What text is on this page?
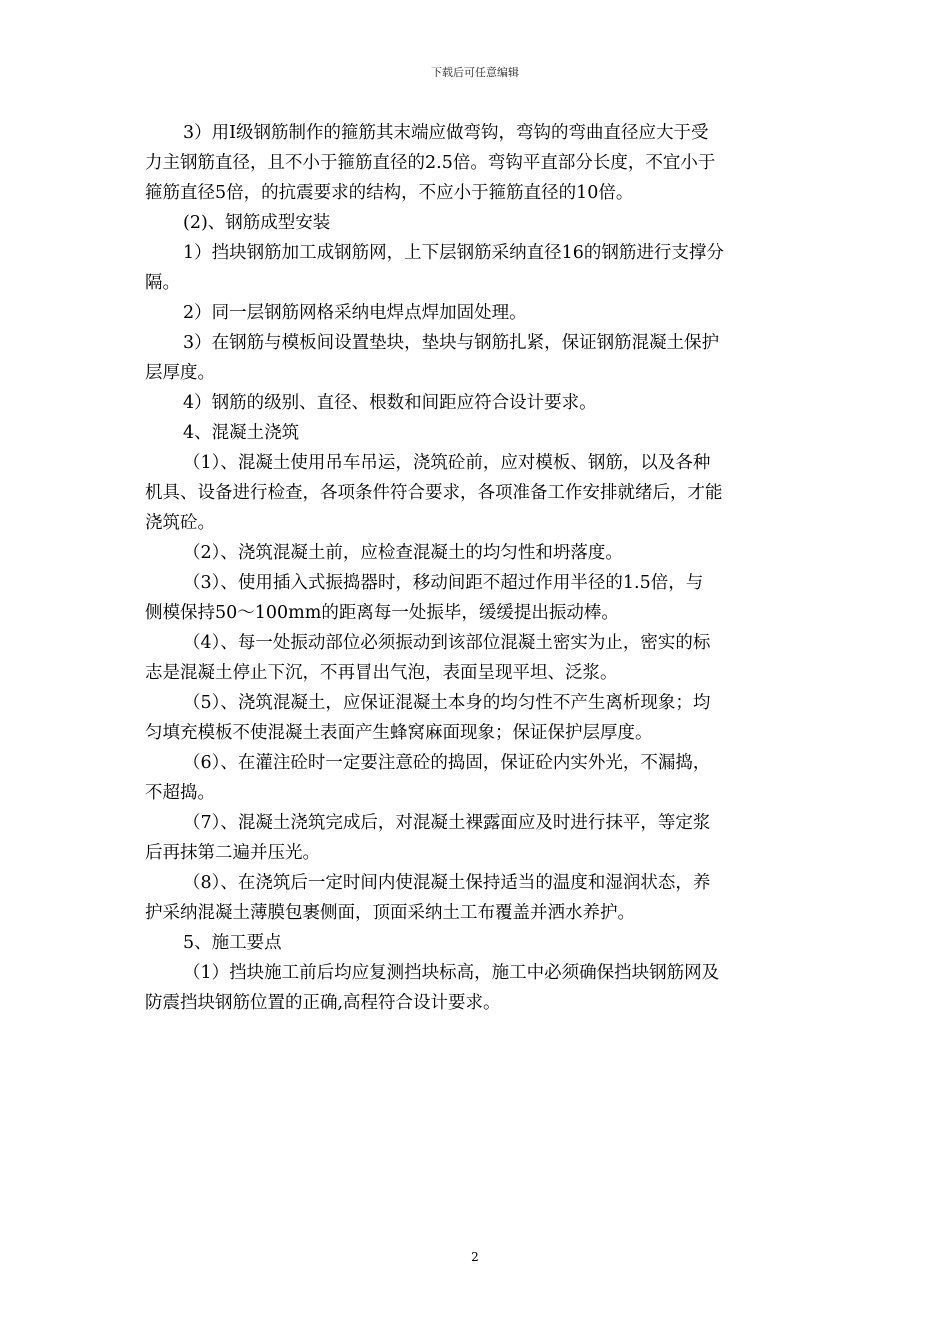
下载后可任意编辑

3）用Ⅰ级钢筋制作的箍筋其末端应做弯钩，弯钩的弯曲直径应大于受

力主钢筋直径，且不小于箍筋直径的2.5倍。弯钩平直部分长度，不宜小于

箍筋直径5倍，的抗震要求的结构，不应小于箍筋直径的10倍。

(2)、钢筋成型安装

1）挡块钢筋加工成钢筋网，上下层钢筋采纳直径16的钢筋进行支撑分

隔。

2）同一层钢筋网格采纳电焊点焊加固处理。

3）在钢筋与模板间设置垫块，垫块与钢筋扎紧，保证钢筋混凝土保护

层厚度。

4）钢筋的级别、直径、根数和间距应符合设计要求。

4、混凝土浇筑

（1）、混凝土使用吊车吊运，浇筑砼前，应对模板、钢筋，以及各种

机具、设备进行检查，各项条件符合要求，各项准备工作安排就绪后，才能

浇筑砼。

（2）、浇筑混凝土前，应检查混凝土的均匀性和坍落度。

（3）、使用插入式振捣器时，移动间距不超过作用半径的1.5倍，与

侧模保持50～100mm的距离每一处振毕，缓缓提出振动棒。

（4）、每一处振动部位必须振动到该部位混凝土密实为止，密实的标

志是混凝土停止下沉，不再冒出气泡，表面呈现平坦、泛浆。

（5）、浇筑混凝土，应保证混凝土本身的均匀性不产生离析现象；均

匀填充模板不使混凝土表面产生蜂窝麻面现象；保证保护层厚度。

（6）、在灌注砼时一定要注意砼的捣固，保证砼内实外光，不漏捣，

不超捣。

（7）、混凝土浇筑完成后，对混凝土裸露面应及时进行抹平，等定浆

后再抹第二遍并压光。

（8）、在浇筑后一定时间内使混凝土保持适当的温度和湿润状态，养

护采纳混凝土薄膜包裹侧面，顶面采纳土工布覆盖并洒水养护。

5、施工要点

（1）挡块施工前后均应复测挡块标高，施工中必须确保挡块钢筋网及

防震挡块钢筋位置的正确,高程符合设计要求。

2
